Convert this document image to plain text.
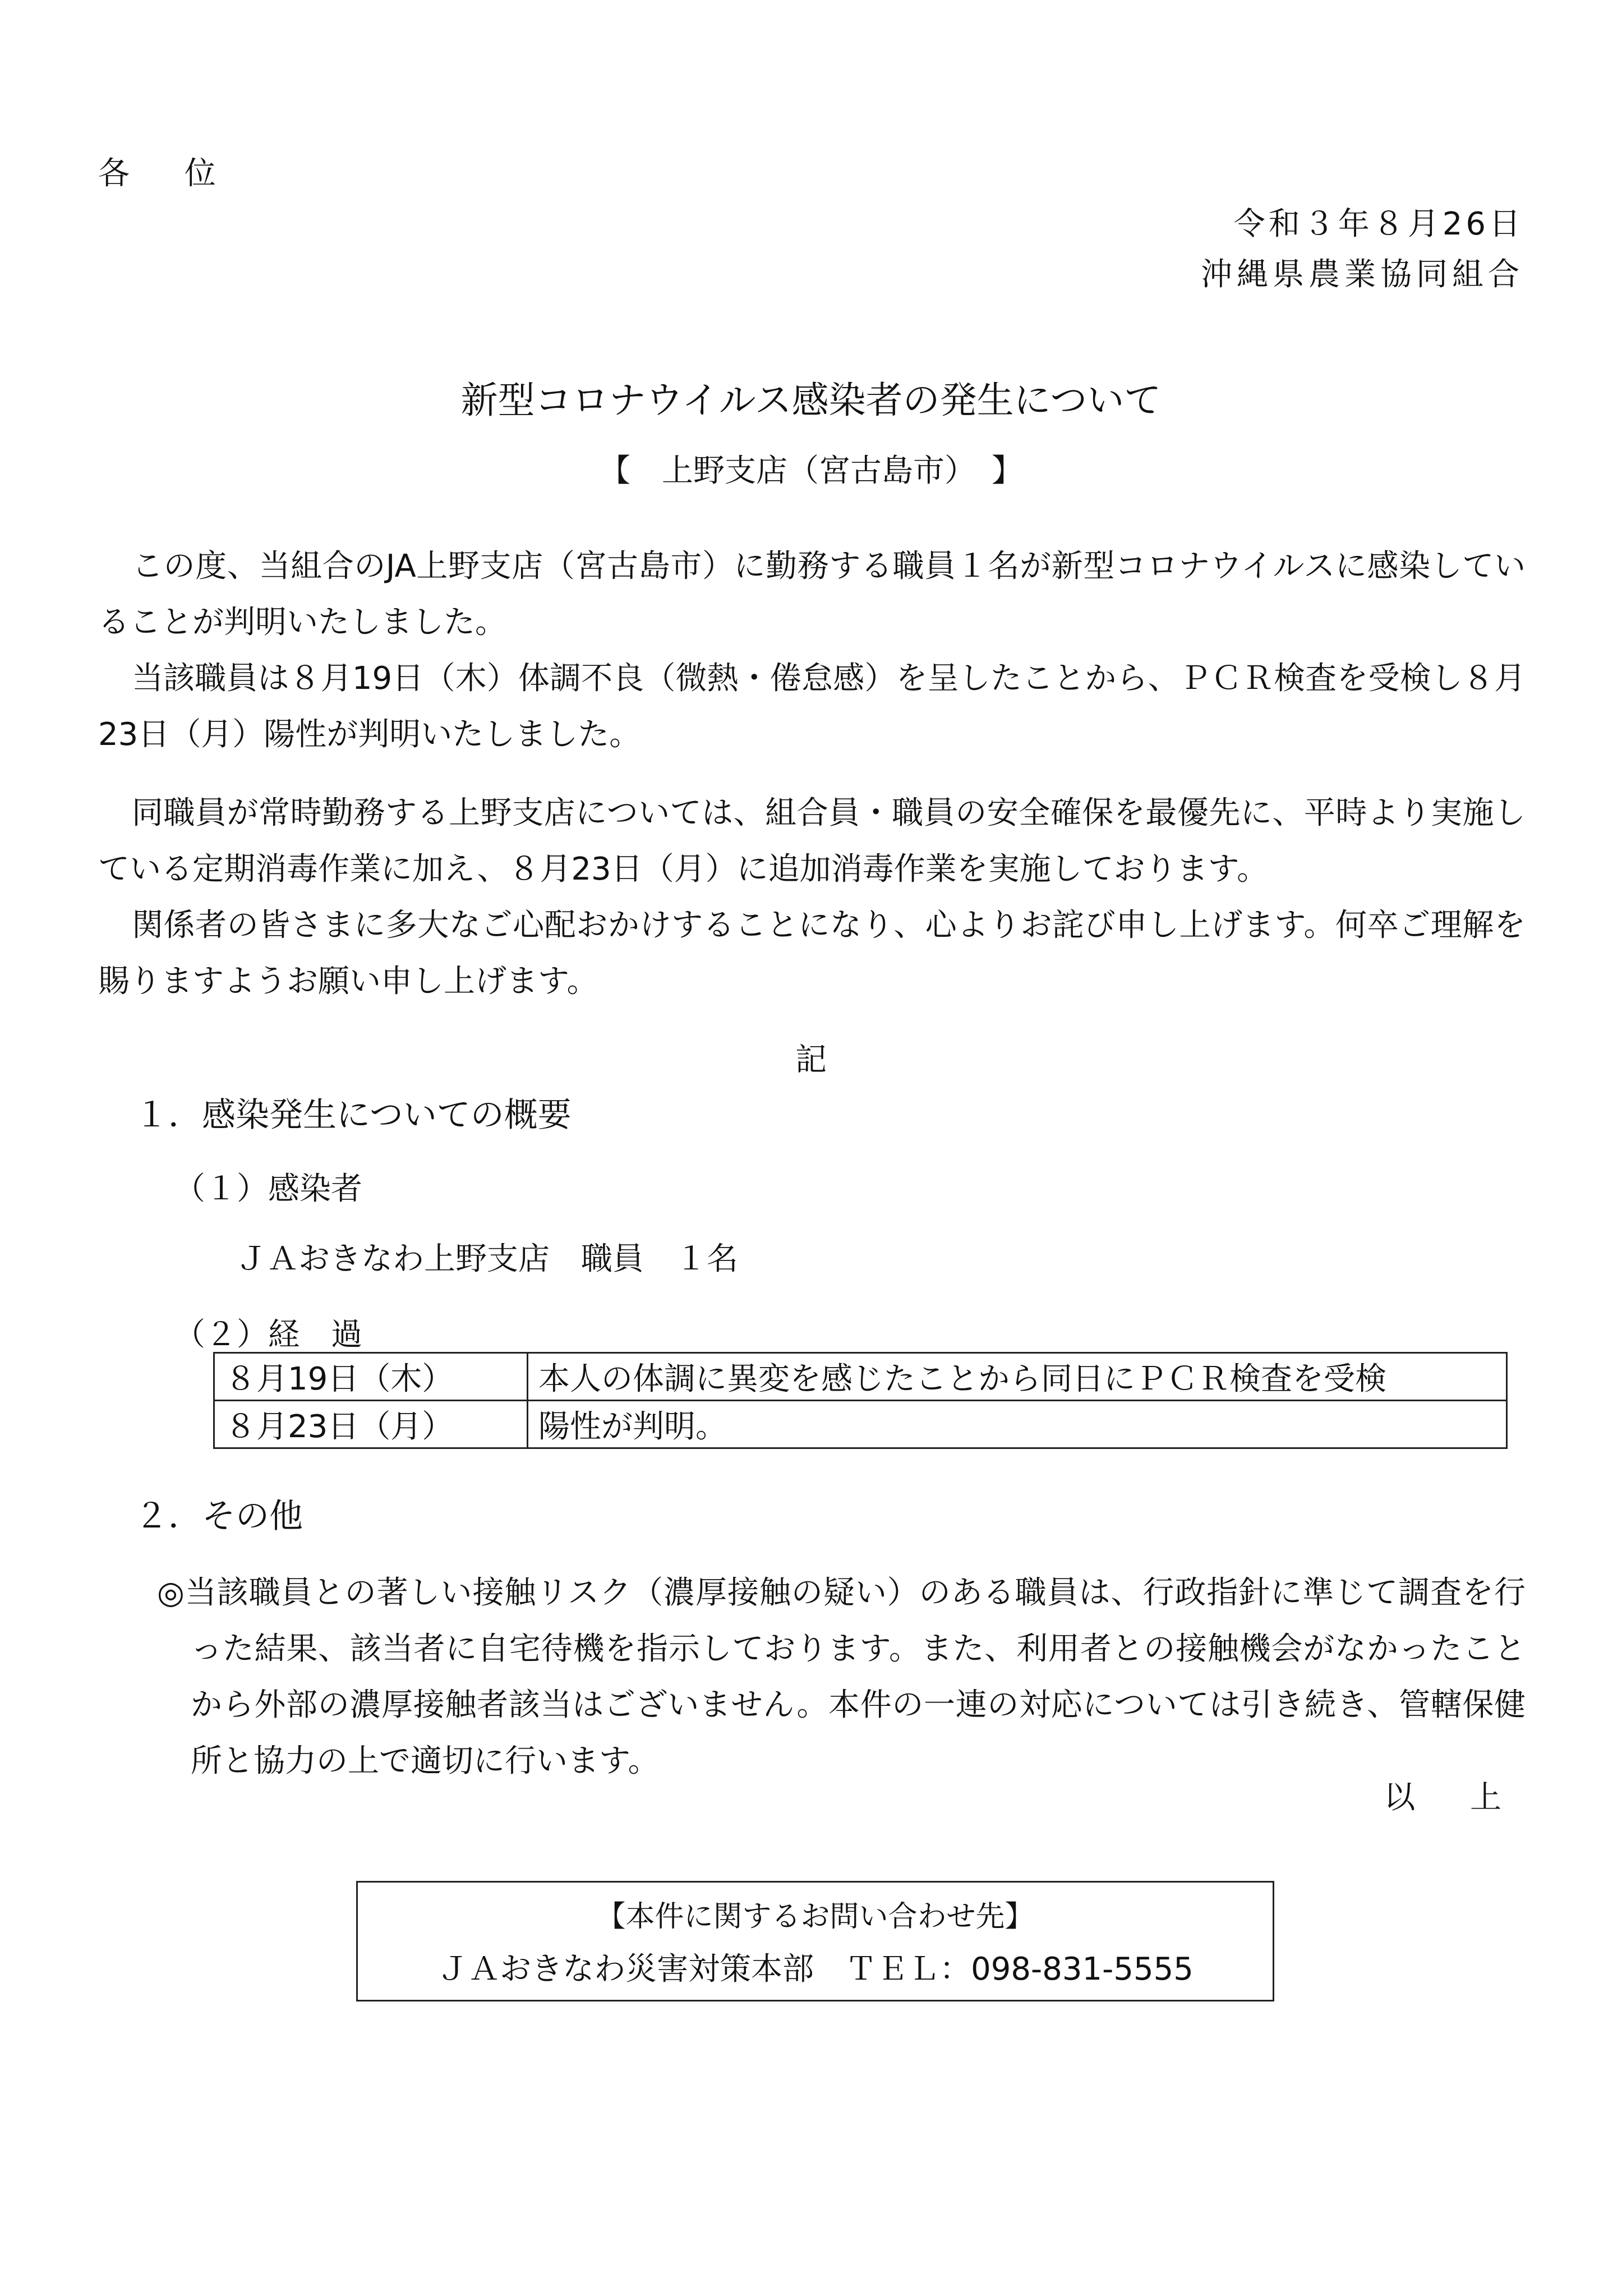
各 位
令和３年８月26日
沖縄県農業協同組合
新型コロナウイルス感染者の発生について
【　上野支店（宮古島市）　】

この度、当組合のJA上野支店（宮古島市）に勤務する職員１名が新型コロナウイルスに感染していることが判明いたしました。

当該職員は８月19日（木）体調不良（微熱・倦怠感）を呈したことから、ＰＣＲ検査を受検し８月23日（月）陽性が判明いたしました。

同職員が常時勤務する上野支店については、組合員・職員の安全確保を最優先に、平時より実施している定期消毒作業に加え、８月23日（月）に追加消毒作業を実施しております。

関係者の皆さまに多大なご心配おかけすることになり、心よりお詫び申し上げます。何卒ご理解を賜りますようお願い申し上げます。

記
１．感染発生についての概要
（１）感染者
ＪＡおきなわ上野支店　職員　１名
（２）経　過
８月19日（木）	本人の体調に異変を感じたことから同日にＰＣＲ検査を受検
８月23日（月）	陽性が判明。
２．その他

◎当該職員との著しい接触リスク（濃厚接触の疑い）のある職員は、行政指針に準じて調査を行った結果、該当者に自宅待機を指示しております。また、利用者との接触機会がなかったことから外部の濃厚接触者該当はございません。本件の一連の対応については引き続き、管轄保健所と協力の上で適切に行います。

以 上
【本件に関するお問い合わせ先】
ＪＡおきなわ災害対策本部　ＴＥＬ：098-831-5555
